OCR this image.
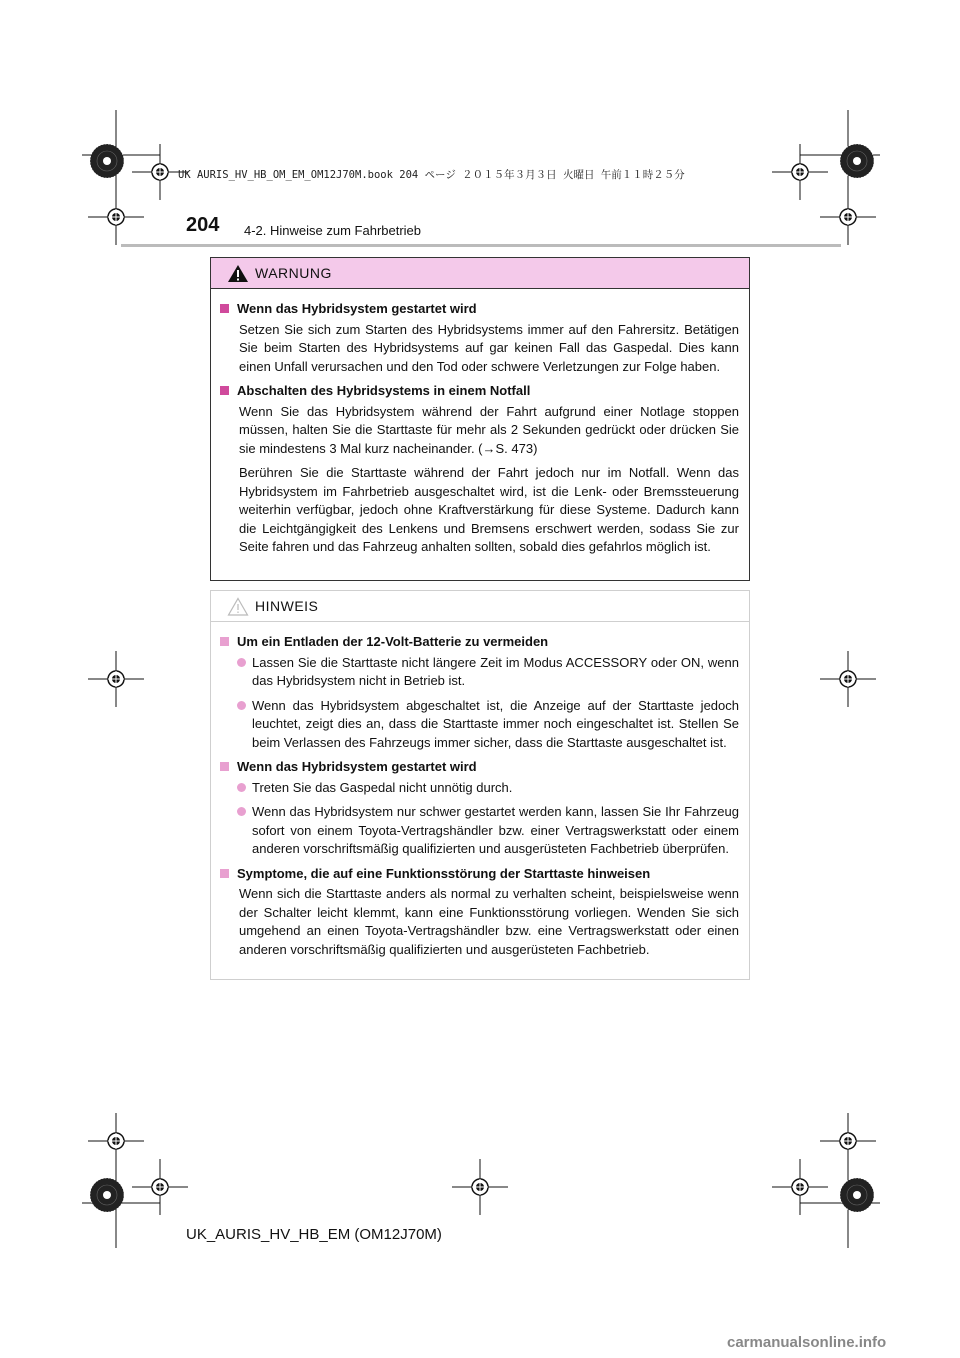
UK AURIS_HV_HB_OM_EM_OM12J70M.book 204 ページ ２０１５年３月３日 火曜日 午前１１時２５分
204 4-2. Hinweise zum Fahrbetrieb
WARNUNG
Wenn das Hybridsystem gestartet wird
Setzen Sie sich zum Starten des Hybridsystems immer auf den Fahrersitz. Betätigen Sie beim Starten des Hybridsystems auf gar keinen Fall das Gaspedal. Dies kann einen Unfall verursachen und den Tod oder schwere Verletzungen zur Folge haben.
Abschalten des Hybridsystems in einem Notfall
Wenn Sie das Hybridsystem während der Fahrt aufgrund einer Notlage stoppen müssen, halten Sie die Starttaste für mehr als 2 Sekunden gedrückt oder drücken Sie sie mindestens 3 Mal kurz nacheinander. (→S. 473)
Berühren Sie die Starttaste während der Fahrt jedoch nur im Notfall. Wenn das Hybridsystem im Fahrbetrieb ausgeschaltet wird, ist die Lenk- oder Bremssteuerung weiterhin verfügbar, jedoch ohne Kraftverstärkung für diese Systeme. Dadurch kann die Leichtgängigkeit des Lenkens und Bremsens erschwert werden, sodass Sie zur Seite fahren und das Fahrzeug anhalten sollten, sobald dies gefahrlos möglich ist.
HINWEIS
Um ein Entladen der 12-Volt-Batterie zu vermeiden
Lassen Sie die Starttaste nicht längere Zeit im Modus ACCESSORY oder ON, wenn das Hybridsystem nicht in Betrieb ist.
Wenn das Hybridsystem abgeschaltet ist, die Anzeige auf der Starttaste jedoch leuchtet, zeigt dies an, dass die Starttaste immer noch eingeschaltet ist. Stellen Se beim Verlassen des Fahrzeugs immer sicher, dass die Starttaste ausgeschaltet ist.
Wenn das Hybridsystem gestartet wird
Treten Sie das Gaspedal nicht unnötig durch.
Wenn das Hybridsystem nur schwer gestartet werden kann, lassen Sie Ihr Fahrzeug sofort von einem Toyota-Vertragshändler bzw. einer Vertragswerkstatt oder einem anderen vorschriftsmäßig qualifizierten und ausgerüsteten Fachbetrieb überprüfen.
Symptome, die auf eine Funktionsstörung der Starttaste hinweisen
Wenn sich die Starttaste anders als normal zu verhalten scheint, beispielsweise wenn der Schalter leicht klemmt, kann eine Funktionsstörung vorliegen. Wenden Sie sich umgehend an einen Toyota-Vertragshändler bzw. eine Vertragswerkstatt oder einen anderen vorschriftsmäßig qualifizierten und ausgerüsteten Fachbetrieb.
UK_AURIS_HV_HB_EM (OM12J70M)
carmanualsonline.info
